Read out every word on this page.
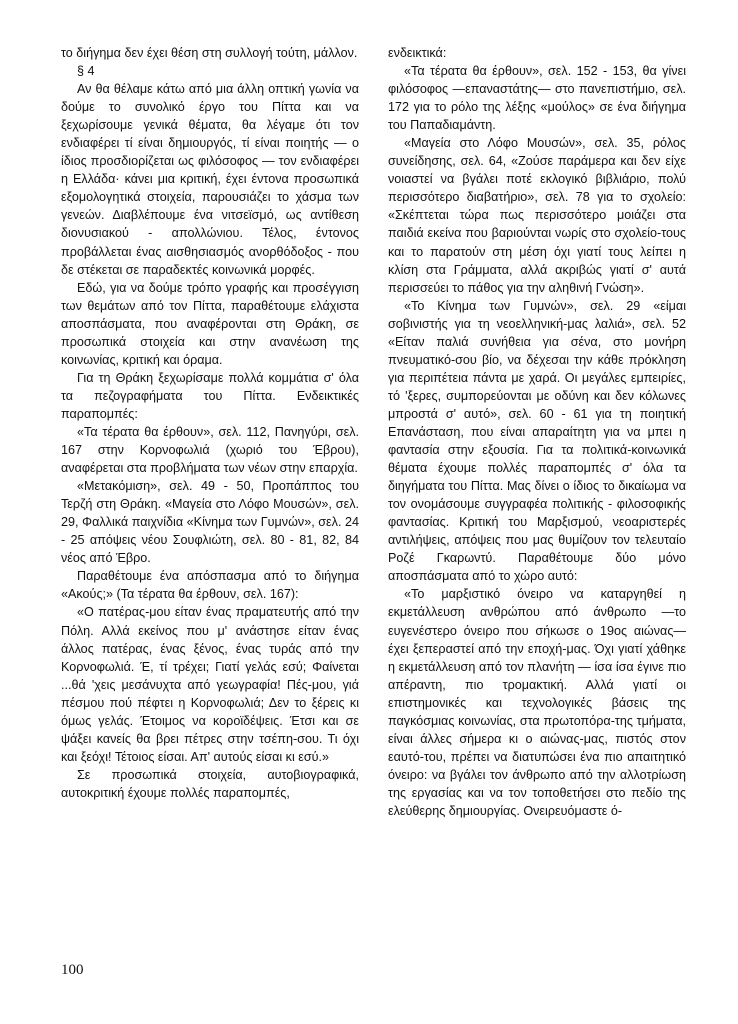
το διήγημα δεν έχει θέση στη συλλογή τούτη, μάλλον.

§ 4

Αν θα θέλαμε κάτω από μια άλλη οπτική γωνία να δούμε το συνολικό έργο του Πίττα και να ξεχωρίσουμε γενικά θέματα, θα λέγαμε ότι τον ενδιαφέρει τί είναι δημιουργός, τί είναι ποιητής — ο ίδιος προσδιορίζεται ως φιλόσοφος — τον ενδιαφέρει η Ελλάδα· κάνει μια κριτική, έχει έντονα προσωπικά εξομολογητικά στοιχεία, παρουσιάζει το χάσμα των γενεών. Διαβλέπουμε ένα νιτσεϊσμό, ως αντίθεση διονυσιακού - απολλώνιου. Τέλος, έντονος προβάλλεται ένας αισθησιασμός ανορθόδοξος - που δε στέκεται σε παραδεκτές κοινωνικά μορφές.

Εδώ, για να δούμε τρόπο γραφής και προσέγγιση των θεμάτων από τον Πίττα, παραθέτουμε ελάχιστα αποσπάσματα, που αναφέρονται στη Θράκη, σε προσωπικά στοιχεία και στην ανανέωση της κοινωνίας, κριτική και όραμα.

Για τη Θράκη ξεχωρίσαμε πολλά κομμάτια σ' όλα τα πεζογραφήματα του Πίττα. Ενδεικτικές παραπομπές:

«Τα τέρατα θα έρθουν», σελ. 112, Πανηγύρι, σελ. 167 στην Κορνοφωλιά (χωριό του Έβρου), αναφέρεται στα προβλήματα των νέων στην επαρχία.

«Μετακόμιση», σελ. 49 - 50, Προπάππος του Τερζή στη Θράκη. «Μαγεία στο Λόφο Μουσών», σελ. 29, Φαλλικά παιχνίδια «Κίνημα των Γυμνών», σελ. 24 - 25 απόψεις νέου Σουφλιώτη, σελ. 80 - 81, 82, 84 νέος από Έβρο.

Παραθέτουμε ένα απόσπασμα από το διήγημα «Ακούς;» (Τα τέρατα θα έρθουν, σελ. 167):

«Ο πατέρας-μου είταν ένας πραματευτής από την Πόλη. Αλλά εκείνος που μ' ανάστησε είταν ένας άλλος πατέρας, ένας ξένος, ένας τυράς από την Κορνοφωλιά. Έ, τί τρέχει; Γιατί γελάς εσύ; Φαίνεται ...θά 'χεις μεσάνυχτα από γεωγραφία! Πές-μου, γιά πέσμου πού πέφτει η Κορνοφωλιά; Δεν το ξέρεις κι όμως γελάς. Έτοιμος να κοροϊδέψεις. Έτσι και σε ψάξει κανείς θα βρει πέτρες στην τσέπη-σου. Τι όχι και ξεόχι! Τέτοιος είσαι. Απ' αυτούς είσαι κι εσύ.»

Σε προσωπικά στοιχεία, αυτοβιογραφικά, αυτοκριτική έχουμε πολλές παραπομπές,

ενδεικτικά:

«Τα τέρατα θα έρθουν», σελ. 152 - 153, θα γίνει φιλόσοφος —επαναστάτης— στο πανεπιστήμιο, σελ. 172 για το ρόλο της λέξης «μούλος» σε ένα διήγημα του Παπαδιαμάντη.

«Μαγεία στο Λόφο Μουσών», σελ. 35, ρόλος συνείδησης, σελ. 64, «Ζούσε παράμερα και δεν είχε νοιαστεί να βγάλει ποτέ εκλογικό βιβλιάριο, πολύ περισσότερο διαβατήριο», σελ. 78 για το σχολείο: «Σκέπτεται τώρα πως περισσότερο μοιάζει στα παιδιά εκείνα που βαριούνται νωρίς στο σχολείο-τους και το παρατούν στη μέση όχι γιατί τους λείπει η κλίση στα Γράμματα, αλλά ακριβώς γιατί σ' αυτά περισσεύει το πάθος για την αληθινή Γνώση».

«Το Κίνημα των Γυμνών», σελ. 29 «είμαι σοβινιστής για τη νεοελληνική-μας λαλιά», σελ. 52 «Είταν παλιά συνήθεια για σένα, στο μονήρη πνευματικό-σου βίο, να δέχεσαι την κάθε πρόκληση για περιπέτεια πάντα με χαρά. Οι μεγάλες εμπειρίες, τό 'ξερες, συμπορεύονται με οδύνη και δεν κόλωνες μπροστά σ' αυτό», σελ. 60 - 61 για τη ποιητική Επανάσταση, που είναι απαραίτητη για να μπει η φαντασία στην εξουσία. Για τα πολιτικά-κοινωνικά θέματα έχουμε πολλές παραπομπές σ' όλα τα διηγήματα του Πίττα. Μας δίνει ο ίδιος το δικαίωμα να τον ονομάσουμε συγγραφέα πολιτικής - φιλοσοφικής φαντασίας. Κριτική του Μαρξισμού, νεοαριστερές αντιλήψεις, απόψεις που μας θυμίζουν τον τελευταίο Ροζέ Γκαρωντύ. Παραθέτουμε δύο μόνο αποσπάσματα από το χώρο αυτό:

«Το μαρξιστικό όνειρο να καταργηθεί η εκμετάλλευση ανθρώπου από άνθρωπο —το ευγενέστερο όνειρο που σήκωσε ο 19ος αιώνας— έχει ξεπεραστεί από την εποχή-μας. Όχι γιατί χάθηκε η εκμετάλλευση από τον πλανήτη — ίσα ίσα έγινε πιο απέραντη, πιο τρομακτική. Αλλά γιατί οι επιστημονικές και τεχνολογικές βάσεις της παγκόσμιας κοινωνίας, στα πρωτοπόρα-της τμήματα, είναι άλλες σήμερα κι ο αιώνας-μας, πιστός στον εαυτό-του, πρέπει να διατυπώσει ένα πιο απαιτητικό όνειρο: να βγάλει τον άνθρωπο από την αλλοτρίωση της εργασίας και να τον τοποθετήσει στο πεδίο της ελεύθερης δημιουργίας. Ονειρευόμαστε ό-

100
